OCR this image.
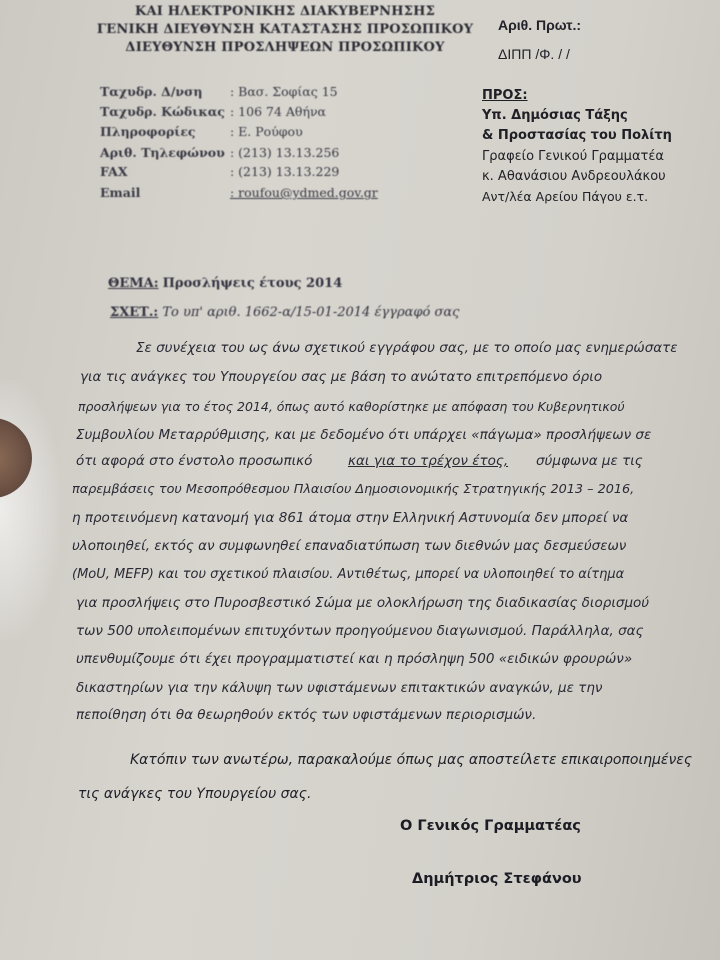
ΚΑΙ ΗΛΕΚΤΡΟΝΙΚΗΣ ΔΙΑΚΥΒΕΡΝΗΣΗΣ
ΓΕΝΙΚΗ ΔΙΕΥΘΥΝΣΗ ΚΑΤΑΣΤΑΣΗΣ ΠΡΟΣΩΠΙΚΟΥ
ΔΙΕΥΘΥΝΣΗ ΠΡΟΣΛΗΨΕΩΝ ΠΡΟΣΩΠΙΚΟΥ
Αριθ. Πρωτ.:
ΔΙΠΠ /Φ. / /
Ταχυδρ. Δ/νση : Βασ. Σοφίας 15
Ταχυδρ. Κώδικας : 106 74 Αθήνα
Πληροφορίες	: Ε. Ρούφου
Αριθ. Τηλεφώνου : (213) 13.13.256
FAX	: (213) 13.13.229
Email	: roufou@ydmed.gov.gr
ΠΡΟΣ:
Υπ. Δημόσιας Τάξης
& Προστασίας του Πολίτη
Γραφείο Γενικού Γραμματέα
κ. Αθανάσιου Ανδρεουλάκου
Αντ/λέα Αρείου Πάγου ε.τ.
ΘΕΜΑ: Προσλήψεις έτους 2014
ΣΧΕΤ.: Το υπ' αριθ. 1662-α/15-01-2014 έγγραφό σας
Σε συνέχεια του ως άνω σχετικού εγγράφου σας, με το οποίο μας ενημερώσατε
για τις ανάγκες του Υπουργείου σας με βάση το ανώτατο επιτρεπόμενο όριο
προσλήψεων για το έτος 2014, όπως αυτό καθορίστηκε με απόφαση του Κυβερνητικού
Συμβουλίου Μεταρρύθμισης, και με δεδομένο ότι υπάρχει «πάγωμα» προσλήψεων σε
ότι αφορά στο ένστολο προσωπικό	και για το τρέχον έτος, σύμφωνα με τις
παρεμβάσεις του Μεσοπρόθεσμου Πλαισίου Δημοσιονομικής Στρατηγικής 2013 – 2016,
η προτεινόμενη κατανομή για 861 άτομα στην Ελληνική Αστυνομία δεν μπορεί να
υλοποιηθεί, εκτός αν συμφωνηθεί επαναδιατύπωση των διεθνών μας δεσμεύσεων
(MoU, MEFP) και του σχετικού πλαισίου. Αντιθέτως, μπορεί να υλοποιηθεί το αίτημα
για προσλήψεις στο Πυροσβεστικό Σώμα με ολοκλήρωση της διαδικασίας διορισμού
των 500 υπολειπομένων επιτυχόντων προηγούμενου διαγωνισμού. Παράλληλα, σας
υπενθυμίζουμε ότι έχει προγραμματιστεί και η πρόσληψη 500 «ειδικών φρουρών»
δικαστηρίων για την κάλυψη των υφιστάμενων επιτακτικών αναγκών, με την
πεποίθηση ότι θα θεωρηθούν εκτός των υφιστάμενων περιορισμών.
Κατόπιν των ανωτέρω, παρακαλούμε όπως μας αποστείλετε επικαιροποιημένες
τις ανάγκες του Υπουργείου σας.
Ο Γενικός Γραμματέας
Δημήτριος Στεφάνου
